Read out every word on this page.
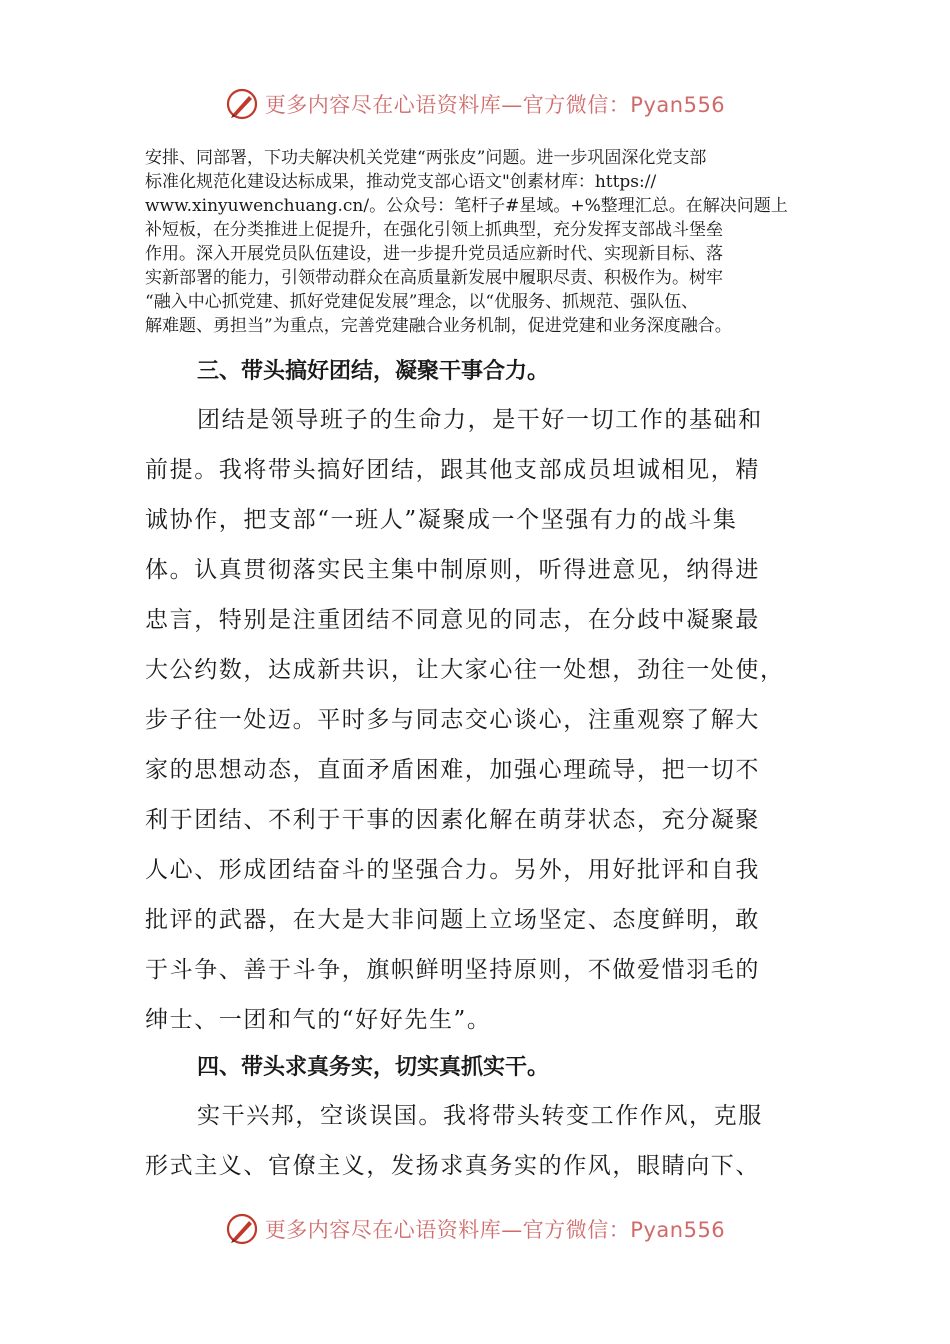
更多内容尽在心语资料库—官方微信：Pyan556

安排、同部署，下功夫解决机关党建“两张皮”问题。进一步巩固深化党支部
标准化规范化建设达标成果，推动党支部心语文"创素材库：https://
www.xinyuwenchuang.cn/。公众号：笔杆子#星域。+%整理汇总。在解决问题上
补短板，在分类推进上促提升，在强化引领上抓典型，充分发挥支部战斗堡垒
作用。深入开展党员队伍建设，进一步提升党员适应新时代、实现新目标、落
实新部署的能力，引领带动群众在高质量新发展中履职尽责、积极作为。树牢
“融入中心抓党建、抓好党建促发展”理念，以“优服务、抓规范、强队伍、
解难题、勇担当”为重点，完善党建融合业务机制，促进党建和业务深度融合。

三、带头搞好团结，凝聚干事合力。
团结是领导班子的生命力，是干好一切工作的基础和
前提。我将带头搞好团结，跟其他支部成员坦诚相见，精
诚协作，把支部“一班人”凝聚成一个坚强有力的战斗集
体。认真贯彻落实民主集中制原则，听得进意见，纳得进
忠言，特别是注重团结不同意见的同志，在分歧中凝聚最
大公约数，达成新共识，让大家心往一处想，劲往一处使，
步子往一处迈。平时多与同志交心谈心，注重观察了解大
家的思想动态，直面矛盾困难，加强心理疏导，把一切不
利于团结、不利于干事的因素化解在萌芽状态，充分凝聚
人心、形成团结奋斗的坚强合力。另外，用好批评和自我
批评的武器，在大是大非问题上立场坚定、态度鲜明，敢
于斗争、善于斗争，旗帜鲜明坚持原则，不做爱惜羽毛的
绅士、一团和气的“好好先生”。
四、带头求真务实，切实真抓实干。
实干兴邦，空谈误国。我将带头转变工作作风，克服
形式主义、官僚主义，发扬求真务实的作风，眼睛向下、
更多内容尽在心语资料库—官方微信：Pyan556
